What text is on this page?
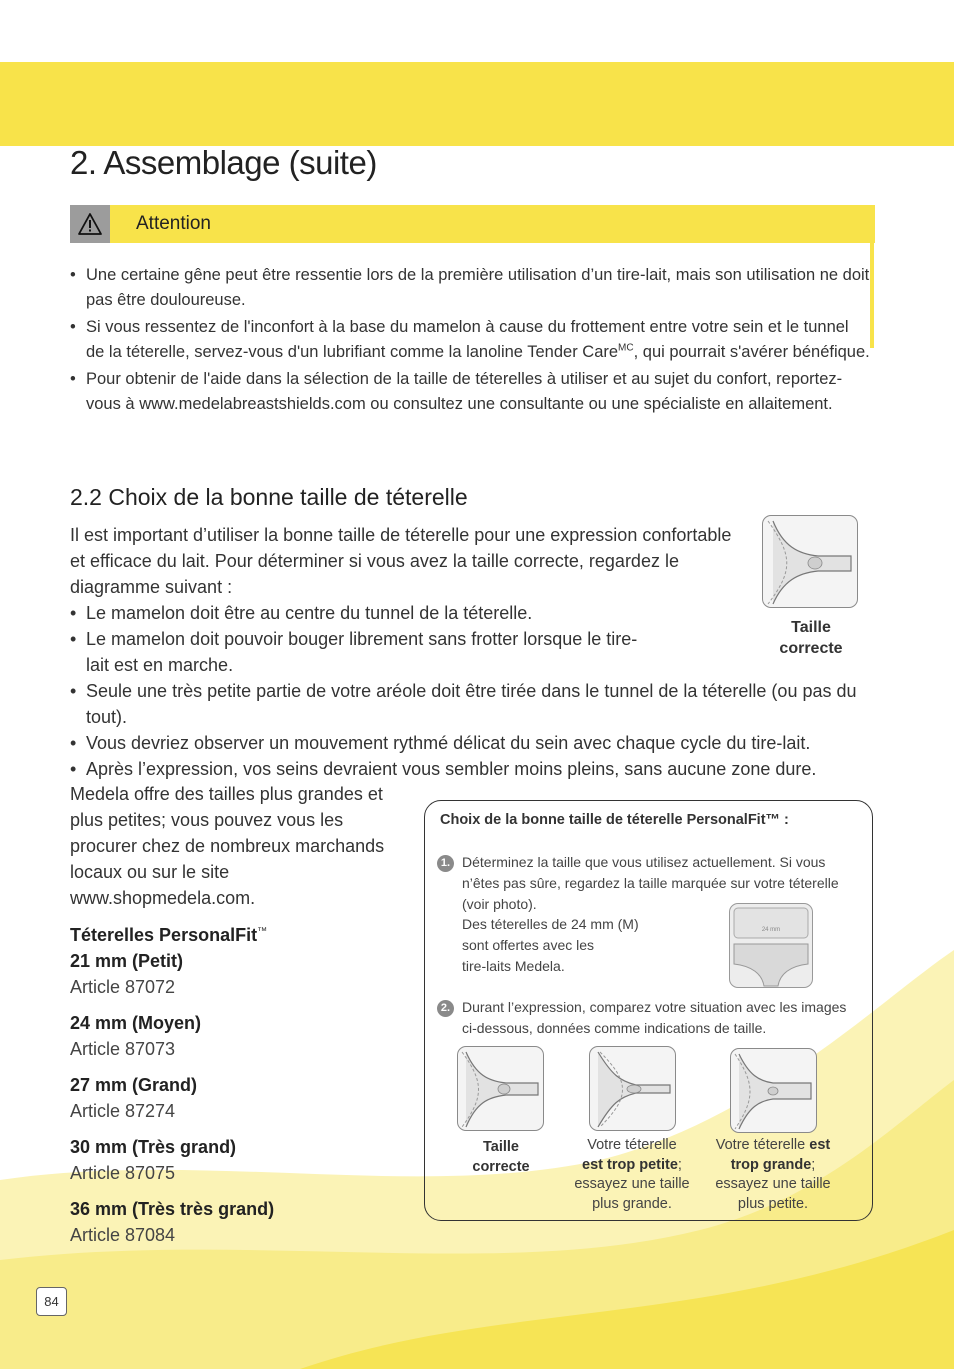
2. Assemblage (suite)
Attention
• Une certaine gêne peut être ressentie lors de la première utilisation d’un tire-lait, mais son utilisation ne doit pas être douloureuse.
• Si vous ressentez de l'inconfort à la base du mamelon à cause du frottement entre votre sein et le tunnel de la téterelle, servez-vous d'un lubrifiant comme la lanoline Tender Care$^{MC}$, qui pourrait s'avérer bénéfique.
• Pour obtenir de l'aide dans la sélection de la taille de téterelles à utiliser et au sujet du confort, reportez-vous à www.medelabreastshields.com ou consultez une consultante ou une spécialiste en allaitement.
2.2 Choix de la bonne taille de téterelle

Il est important d’utiliser la bonne taille de téterelle pour une expression confortable et efficace du lait. Pour déterminer si vous avez la taille correcte, regardez le diagramme suivant :

• Le mamelon doit être au centre du tunnel de la téterelle.
• Le mamelon doit pouvoir bouger librement sans frotter lorsque le tire-lait est en marche.
• Seule une très petite partie de votre aréole doit être tirée dans le tunnel de la téterelle (ou pas du tout).
• Vous devriez observer un mouvement rythmé délicat du sein avec chaque cycle du tire-lait.
• Après l’expression, vos seins devraient vous sembler moins pleins, sans aucune zone dure.
Taille
correcte

Medela offre des tailles plus grandes et plus petites; vous pouvez vous les procurer chez de nombreux marchands locaux ou sur le site www.shopmedela.com.

Téterelles PersonalFit™
21 mm (Petit)
Article 87072
24 mm (Moyen)
Article 87073
27 mm (Grand)
Article 87274
30 mm (Très grand)
Article 87075
36 mm (Très très grand)
Article 87084
Choix de la bonne taille de téterelle PersonalFit™ :
1. Déterminez la taille que vous utilisez actuellement. Si vous n’êtes pas sûre, regardez la taille marquée sur votre téterelle (voir photo).
Des téterelles de 24 mm (M)
sont offertes avec les
tire-laits Medela.
24 mm
2. Durant l’expression, comparez votre situation avec les images ci-dessous, données comme indications de taille.
Taille
correcte
Votre téterelle
est trop petite; essayez une taille plus grande.
Votre téterelle est trop grande; essayez une taille plus petite.
84
